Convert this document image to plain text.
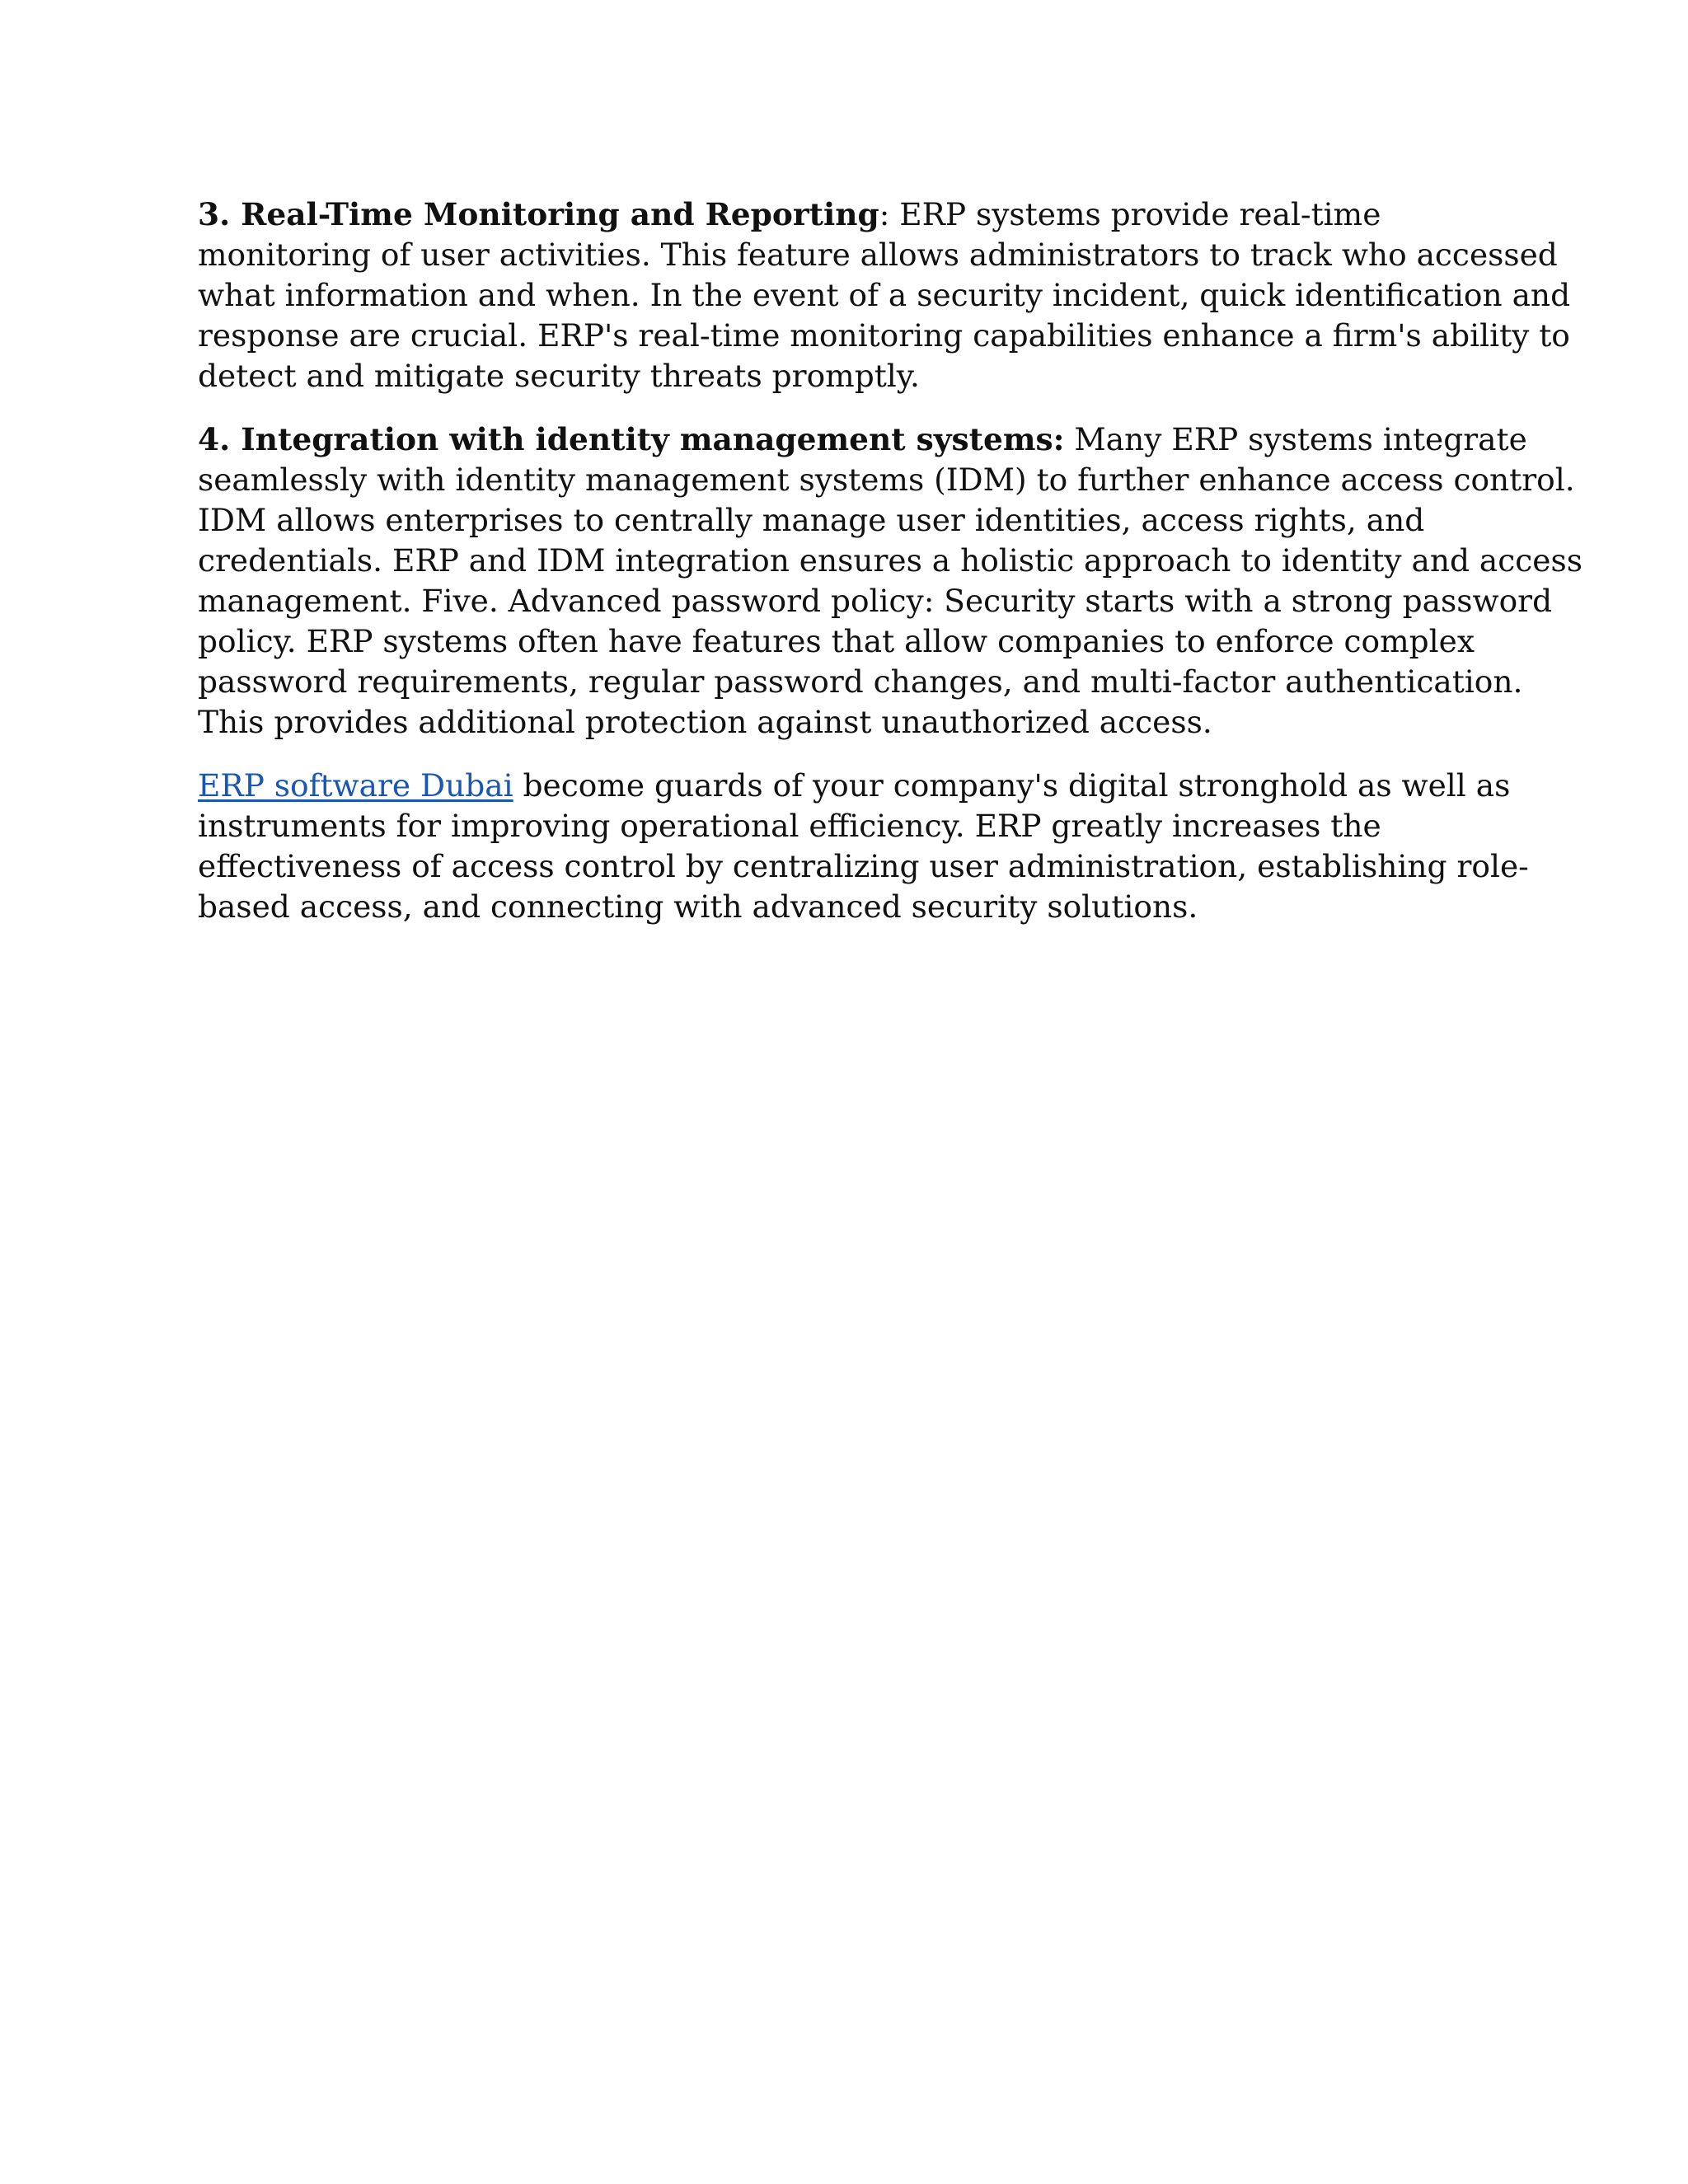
3. Real-Time Monitoring and Reporting: ERP systems provide real-time
monitoring of user activities. This feature allows administrators to track who accessed
what information and when. In the event of a security incident, quick identification and
response are crucial. ERP's real-time monitoring capabilities enhance a firm's ability to
detect and mitigate security threats promptly.

4. Integration with identity management systems: Many ERP systems integrate
seamlessly with identity management systems (IDM) to further enhance access control.
IDM allows enterprises to centrally manage user identities, access rights, and
credentials. ERP and IDM integration ensures a holistic approach to identity and access
management. Five. Advanced password policy: Security starts with a strong password
policy. ERP systems often have features that allow companies to enforce complex
password requirements, regular password changes, and multi-factor authentication.
This provides additional protection against unauthorized access.

ERP software Dubai become guards of your company's digital stronghold as well as
instruments for improving operational efficiency. ERP greatly increases the
effectiveness of access control by centralizing user administration, establishing role-
based access, and connecting with advanced security solutions.
